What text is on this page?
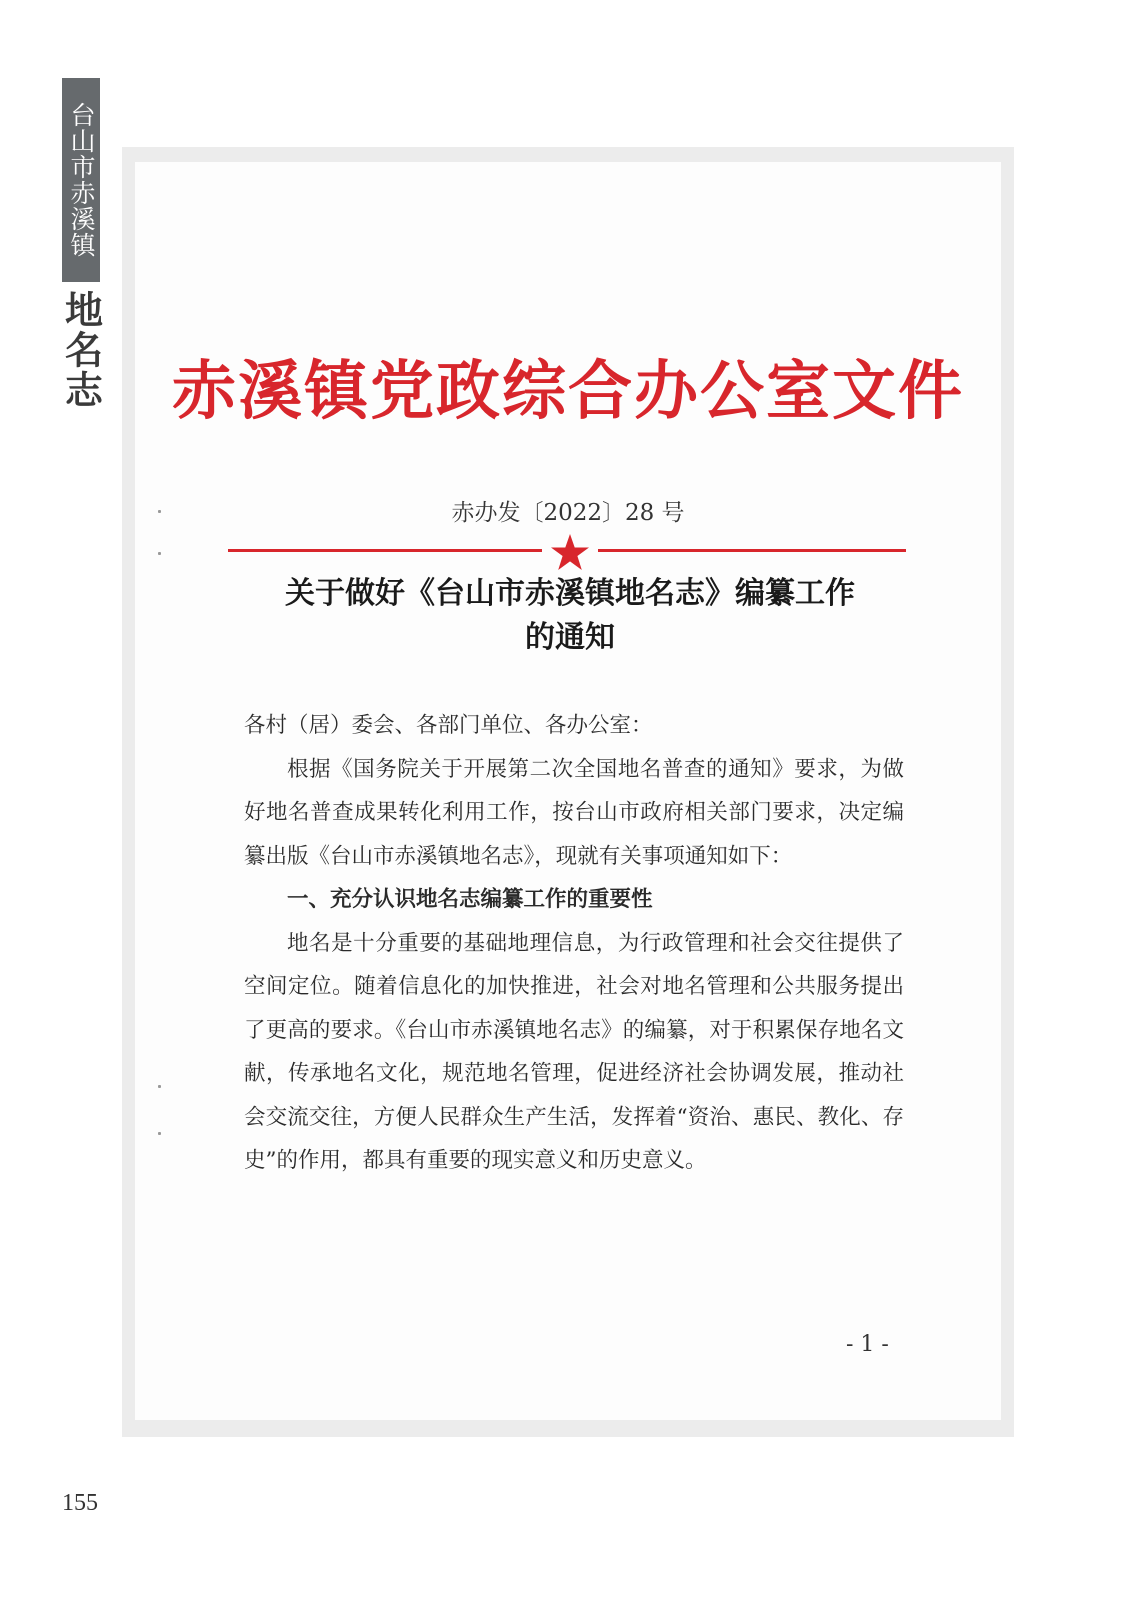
台山市赤溪镇
地名志
155
赤溪镇党政综合办公室文件
赤办发〔2022〕28 号
关于做好《台山市赤溪镇地名志》编纂工作
的通知

各村（居）委会、各部门单位、各办公室：

根据《国务院关于开展第二次全国地名普查的通知》要求，为做好地名普查成果转化利用工作，按台山市政府相关部门要求，决定编纂出版《台山市赤溪镇地名志》，现就有关事项通知如下：

一、充分认识地名志编纂工作的重要性

地名是十分重要的基础地理信息，为行政管理和社会交往提供了空间定位。随着信息化的加快推进，社会对地名管理和公共服务提出了更高的要求。《台山市赤溪镇地名志》的编纂，对于积累保存地名文献，传承地名文化，规范地名管理，促进经济社会协调发展，推动社会交流交往，方便人民群众生产生活，发挥着“资治、惠民、教化、存史”的作用，都具有重要的现实意义和历史意义。

- 1 -
